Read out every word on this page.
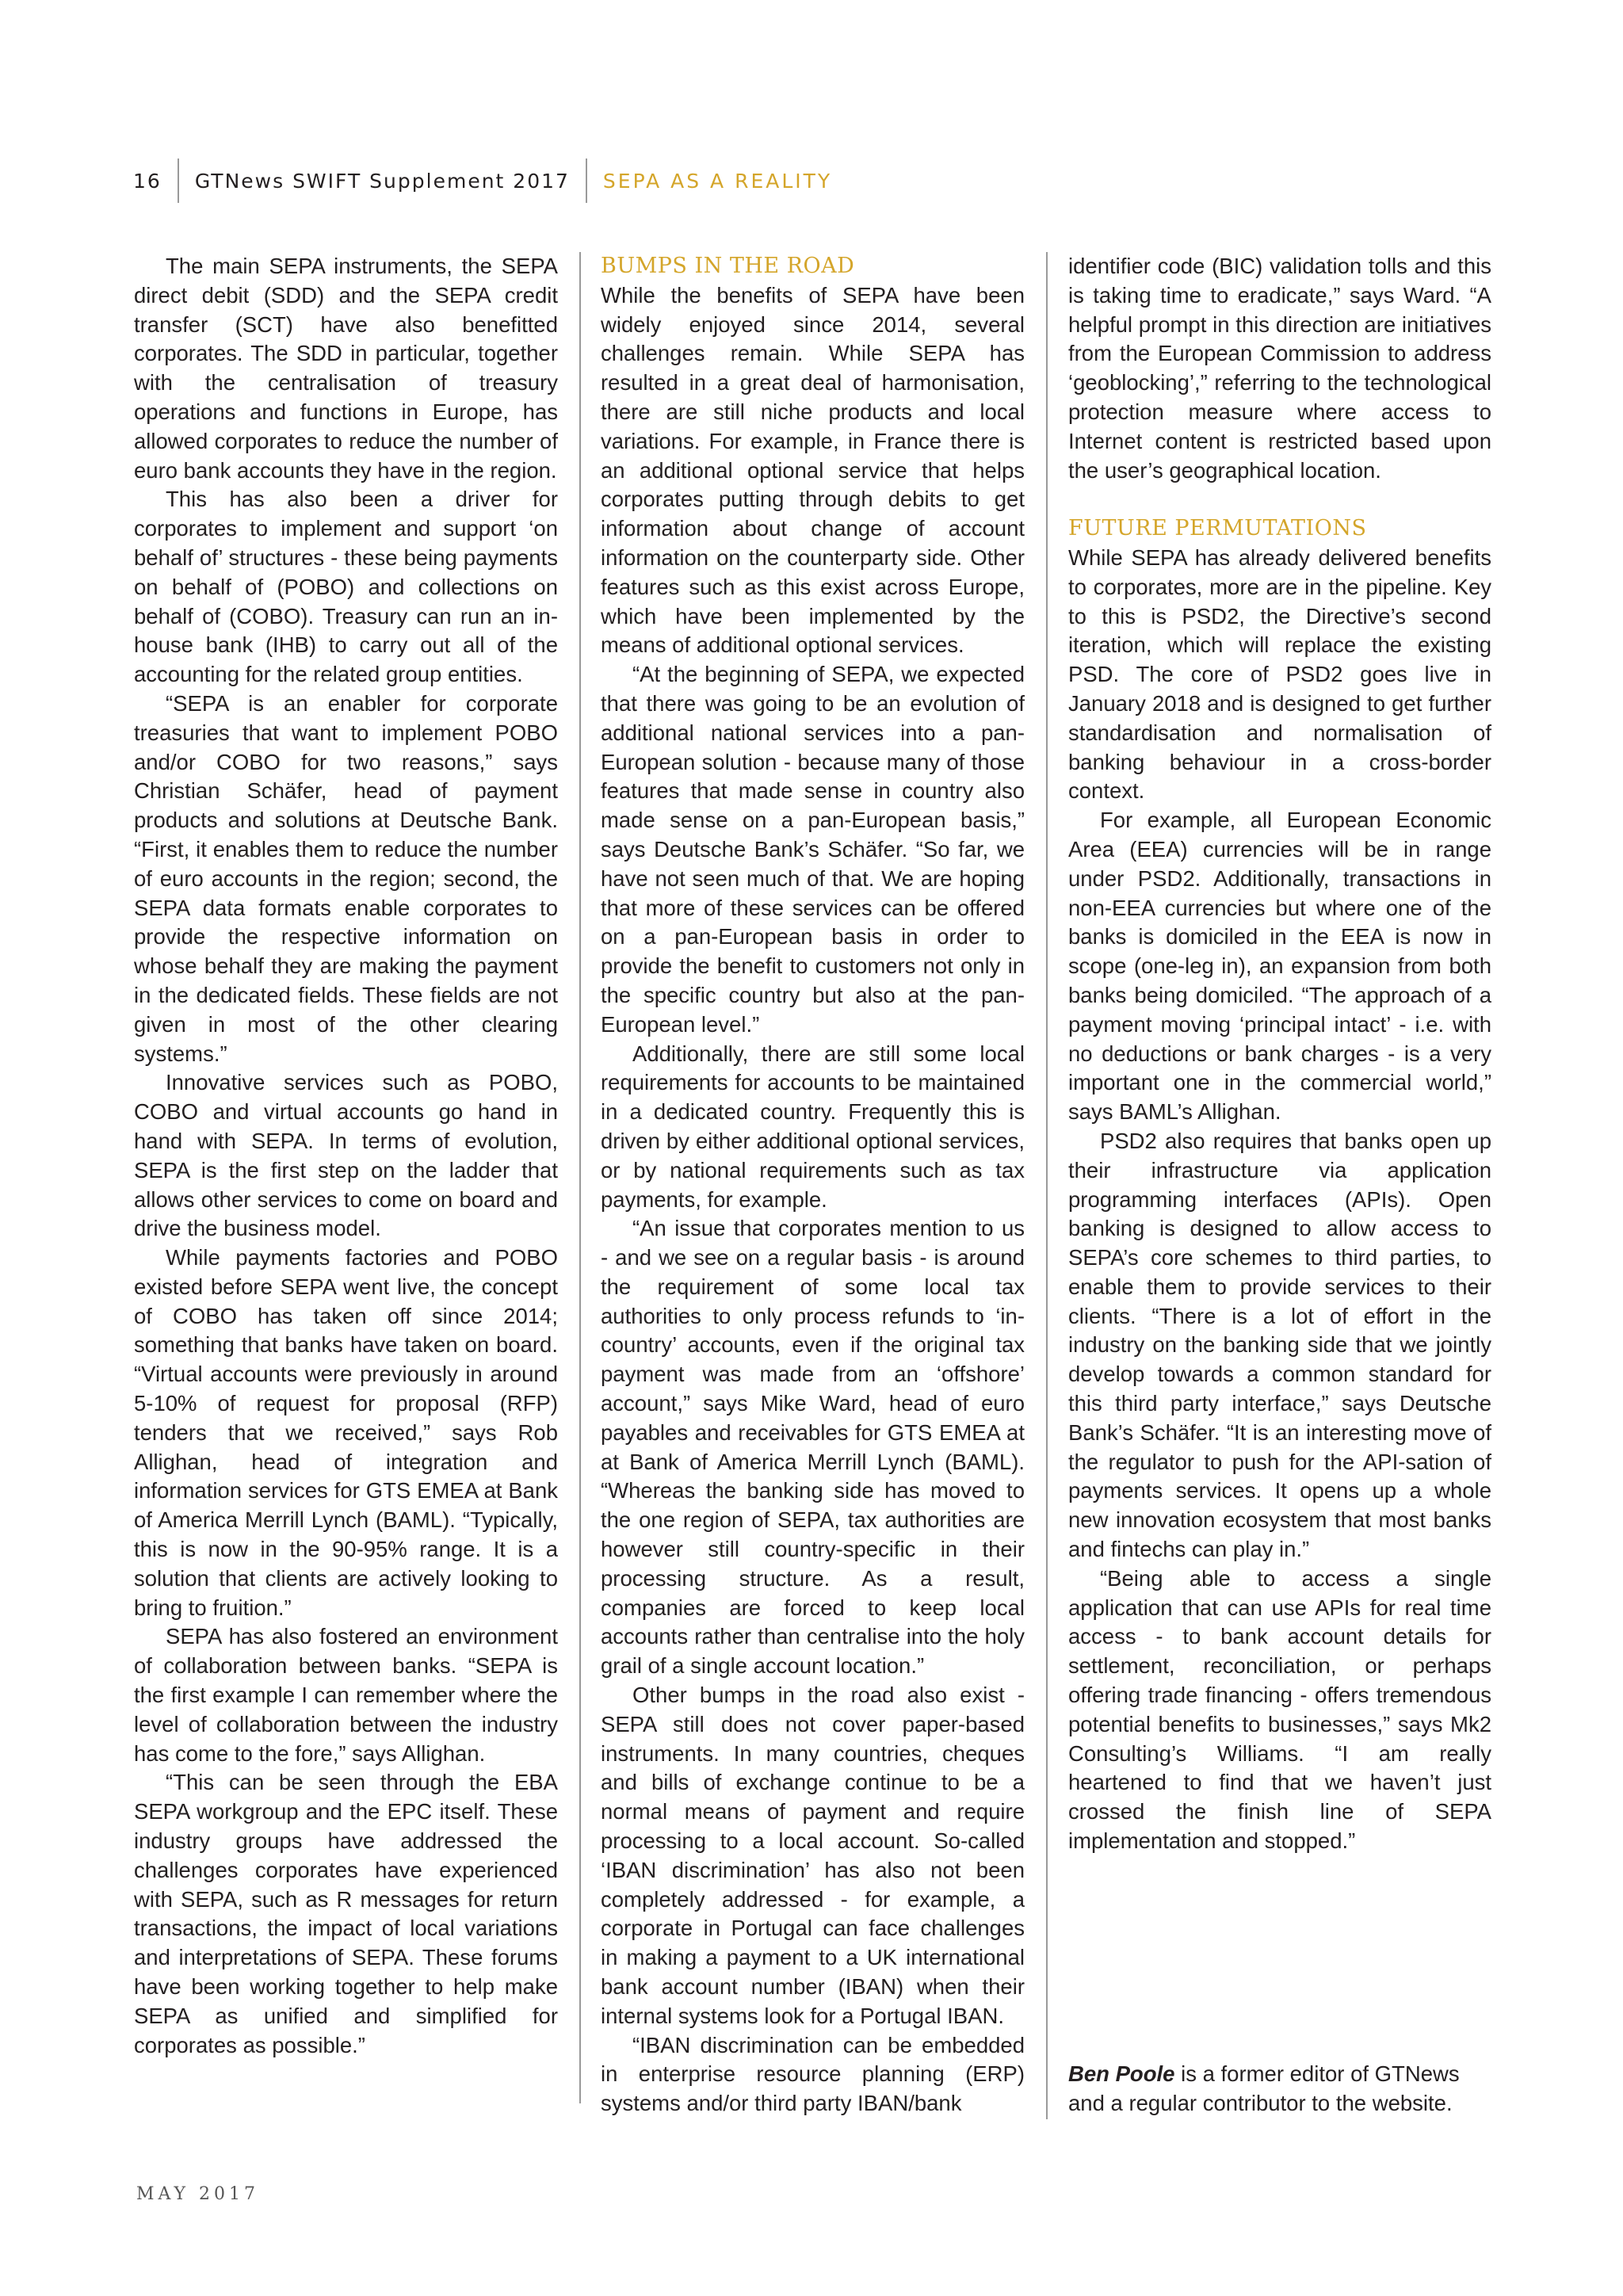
16 GTNews SWIFT Supplement 2017 SEPA AS A REALITY

The main SEPA instruments, the SEPA direct debit (SDD) and the SEPA credit transfer (SCT) have also benefitted corporates. The SDD in particular, together with the centralisation of treasury operations and functions in Europe, has allowed corporates to reduce the number of euro bank accounts they have in the region.

This has also been a driver for corporates to implement and support ‘on behalf of’ structures - these being payments on behalf of (POBO) and collections on behalf of (COBO). Treasury can run an in-house bank (IHB) to carry out all of the accounting for the related group entities.

“SEPA is an enabler for corporate treasuries that want to implement POBO and/or COBO for two reasons,” says Christian Schäfer, head of payment products and solutions at Deutsche Bank. “First, it enables them to reduce the number of euro accounts in the region; second, the SEPA data formats enable corporates to provide the respective information on whose behalf they are making the payment in the dedicated fields. These fields are not given in most of the other clearing systems.”

Innovative services such as POBO, COBO and virtual accounts go hand in hand with SEPA. In terms of evolution, SEPA is the first step on the ladder that allows other services to come on board and drive the business model.

While payments factories and POBO existed before SEPA went live, the concept of COBO has taken off since 2014; something that banks have taken on board. “Virtual accounts were previously in around 5-10% of request for proposal (RFP) tenders that we received,” says Rob Allighan, head of integration and information services for GTS EMEA at Bank of America Merrill Lynch (BAML). “Typically, this is now in the 90-95% range. It is a solution that clients are actively looking to bring to fruition.”

SEPA has also fostered an environment of collaboration between banks. “SEPA is the first example I can remember where the level of collaboration between the industry has come to the fore,” says Allighan.

“This can be seen through the EBA SEPA workgroup and the EPC itself. These industry groups have addressed the challenges corporates have experienced with SEPA, such as R messages for return transactions, the impact of local variations and interpretations of SEPA. These forums have been working together to help make SEPA as unified and simplified for corporates as possible.”

BUMPS IN THE ROAD

While the benefits of SEPA have been widely enjoyed since 2014, several challenges remain. While SEPA has resulted in a great deal of harmonisation, there are still niche products and local variations. For example, in France there is an additional optional service that helps corporates putting through debits to get information about change of account information on the counterparty side. Other features such as this exist across Europe, which have been implemented by the means of additional optional services.

“At the beginning of SEPA, we expected that there was going to be an evolution of additional national services into a pan-European solution - because many of those features that made sense in country also made sense on a pan-European basis,” says Deutsche Bank’s Schäfer. “So far, we have not seen much of that. We are hoping that more of these services can be offered on a pan-European basis in order to provide the benefit to customers not only in the specific country but also at the pan-European level.”

Additionally, there are still some local requirements for accounts to be maintained in a dedicated country. Frequently this is driven by either additional optional services, or by national requirements such as tax payments, for example.

“An issue that corporates mention to us - and we see on a regular basis - is around the requirement of some local tax authorities to only process refunds to ‘in-country’ accounts, even if the original tax payment was made from an ‘offshore’ account,” says Mike Ward, head of euro payables and receivables for GTS EMEA at at Bank of America Merrill Lynch (BAML). “Whereas the banking side has moved to the one region of SEPA, tax authorities are however still country-specific in their processing structure. As a result, companies are forced to keep local accounts rather than centralise into the holy grail of a single account location.”

Other bumps in the road also exist - SEPA still does not cover paper-based instruments. In many countries, cheques and bills of exchange continue to be a normal means of payment and require processing to a local account. So-called ‘IBAN discrimination’ has also not been completely addressed - for example, a corporate in Portugal can face challenges in making a payment to a UK international bank account number (IBAN) when their internal systems look for a Portugal IBAN.

“IBAN discrimination can be embedded in enterprise resource planning (ERP) systems and/or third party IBAN/bank

identifier code (BIC) validation tolls and this is taking time to eradicate,” says Ward. “A helpful prompt in this direction are initiatives from the European Commission to address ‘geoblocking’,” referring to the technological protection measure where access to Internet content is restricted based upon the user’s geographical location.

FUTURE PERMUTATIONS

While SEPA has already delivered benefits to corporates, more are in the pipeline. Key to this is PSD2, the Directive’s second iteration, which will replace the existing PSD. The core of PSD2 goes live in January 2018 and is designed to get further standardisation and normalisation of banking behaviour in a cross-border context.

For example, all European Economic Area (EEA) currencies will be in range under PSD2. Additionally, transactions in non-EEA currencies but where one of the banks is domiciled in the EEA is now in scope (one-leg in), an expansion from both banks being domiciled. “The approach of a payment moving ‘principal intact’ - i.e. with no deductions or bank charges - is a very important one in the commercial world,” says BAML’s Allighan.

PSD2 also requires that banks open up their infrastructure via application programming interfaces (APIs). Open banking is designed to allow access to SEPA’s core schemes to third parties, to enable them to provide services to their clients. “There is a lot of effort in the industry on the banking side that we jointly develop towards a common standard for this third party interface,” says Deutsche Bank’s Schäfer. “It is an interesting move of the regulator to push for the API-sation of payments services. It opens up a whole new innovation ecosystem that most banks and fintechs can play in.”

“Being able to access a single application that can use APIs for real time access - to bank account details for settlement, reconciliation, or perhaps offering trade financing - offers tremendous potential benefits to businesses,” says Mk2 Consulting’s Williams. “I am really heartened to find that we haven’t just crossed the finish line of SEPA implementation and stopped.”

Ben Poole is a former editor of GTNews and a regular contributor to the website.
MAY 2017
